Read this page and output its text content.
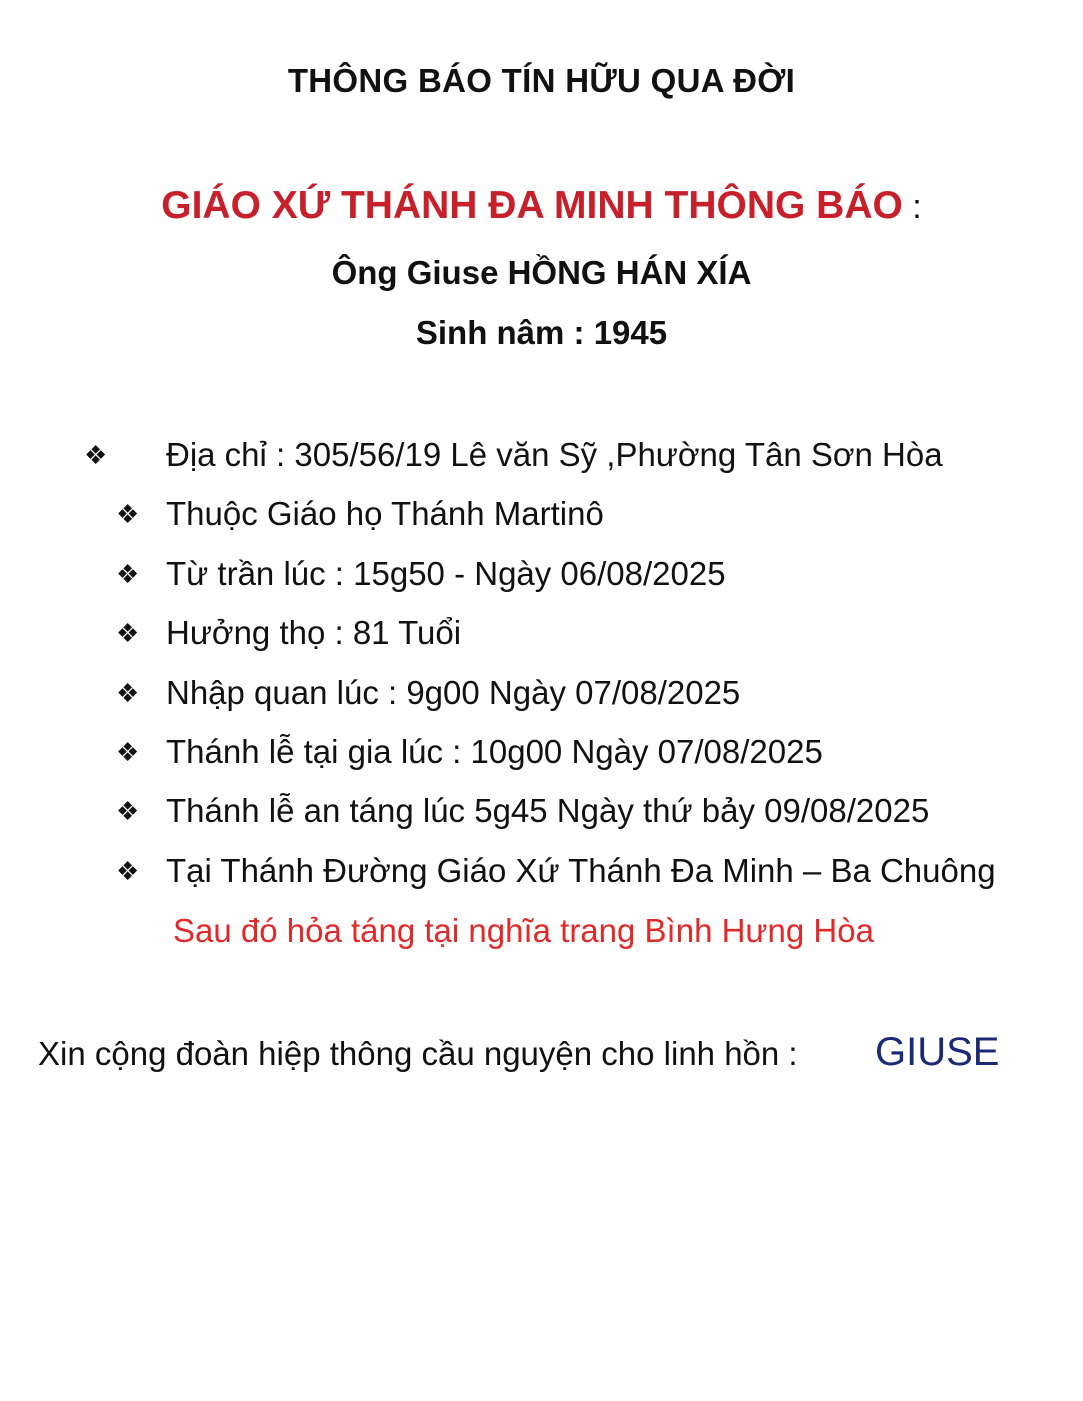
THÔNG BÁO TÍN HỮU QUA ĐỜI
GIÁO XỨ THÁNH ĐA MINH THÔNG BÁO :
Ông Giuse HỒNG HÁN XÍA
Sinh nâm : 1945
❖ Địa chỉ : 305/56/19 Lê văn Sỹ ,Phường Tân Sơn Hòa
❖ Thuộc Giáo họ Thánh Martinô
❖ Từ trần lúc : 15g50 - Ngày 06/08/2025
❖ Hưởng thọ : 81 Tuổi
❖ Nhập quan lúc : 9g00 Ngày 07/08/2025
❖ Thánh lễ tại gia lúc : 10g00 Ngày 07/08/2025
❖ Thánh lễ an táng lúc 5g45 Ngày thứ bảy 09/08/2025
❖ Tại Thánh Đường Giáo Xứ Thánh Đa Minh – Ba Chuông
Sau đó hỏa táng tại nghĩa trang Bình Hưng Hòa
Xin cộng đoàn hiệp thông cầu nguyện cho linh hồn : GIUSE
